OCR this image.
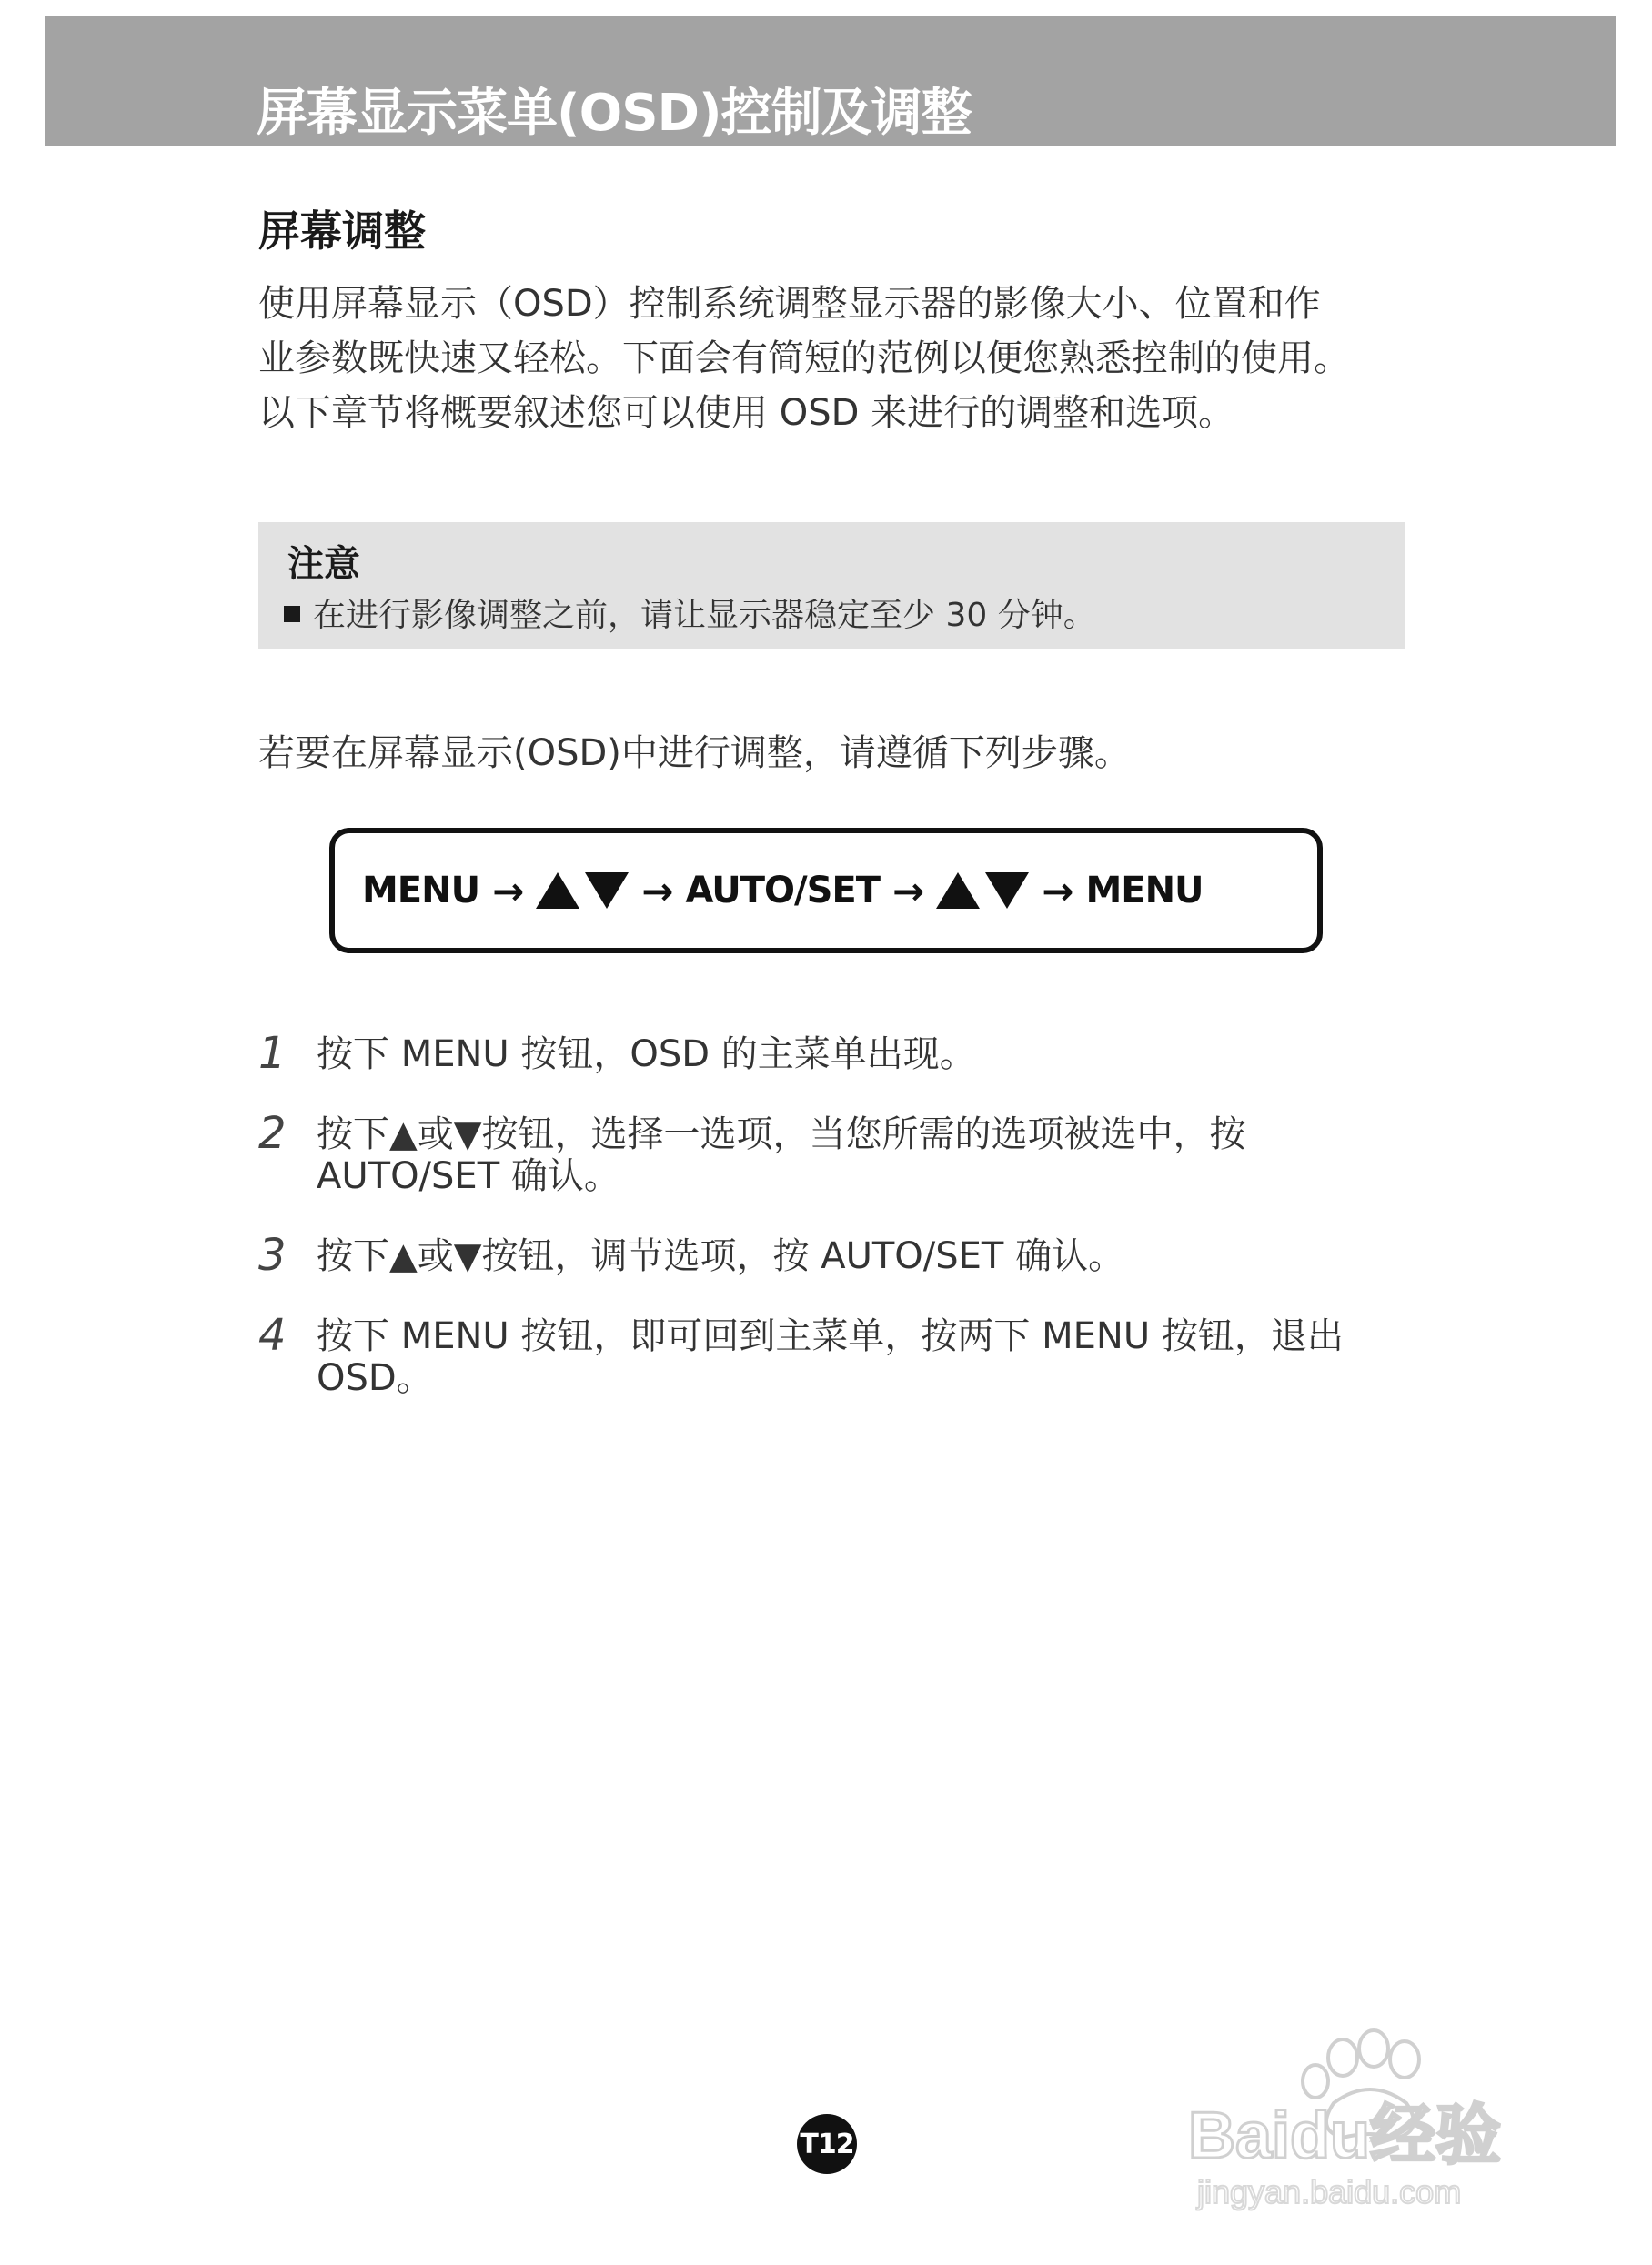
屏幕显示菜单(OSD)控制及调整
屏幕调整
使用屏幕显示（OSD）控制系统调整显示器的影像大小、位置和作
业参数既快速又轻松。下面会有简短的范例以便您熟悉控制的使用。
以下章节将概要叙述您可以使用 OSD 来进行的调整和选项。
注意
在进行影像调整之前，请让显示器稳定至少 30 分钟。
若要在屏幕显示(OSD)中进行调整，请遵循下列步骤。
MENU →	→ AUTO/SET →	→ MENU
1 按下 MENU 按钮，OSD 的主菜单出现。
2 按下▲或▼按钮，选择一选项，当您所需的选项被选中，按 AUTO/SET 确认。
3 按下▲或▼按钮，调节选项，按 AUTO/SET 确认。
4 按下 MENU 按钮，即可回到主菜单，按两下 MENU 按钮，退出 OSD。
T12	Baidu经验
jingyan.baidu.com
